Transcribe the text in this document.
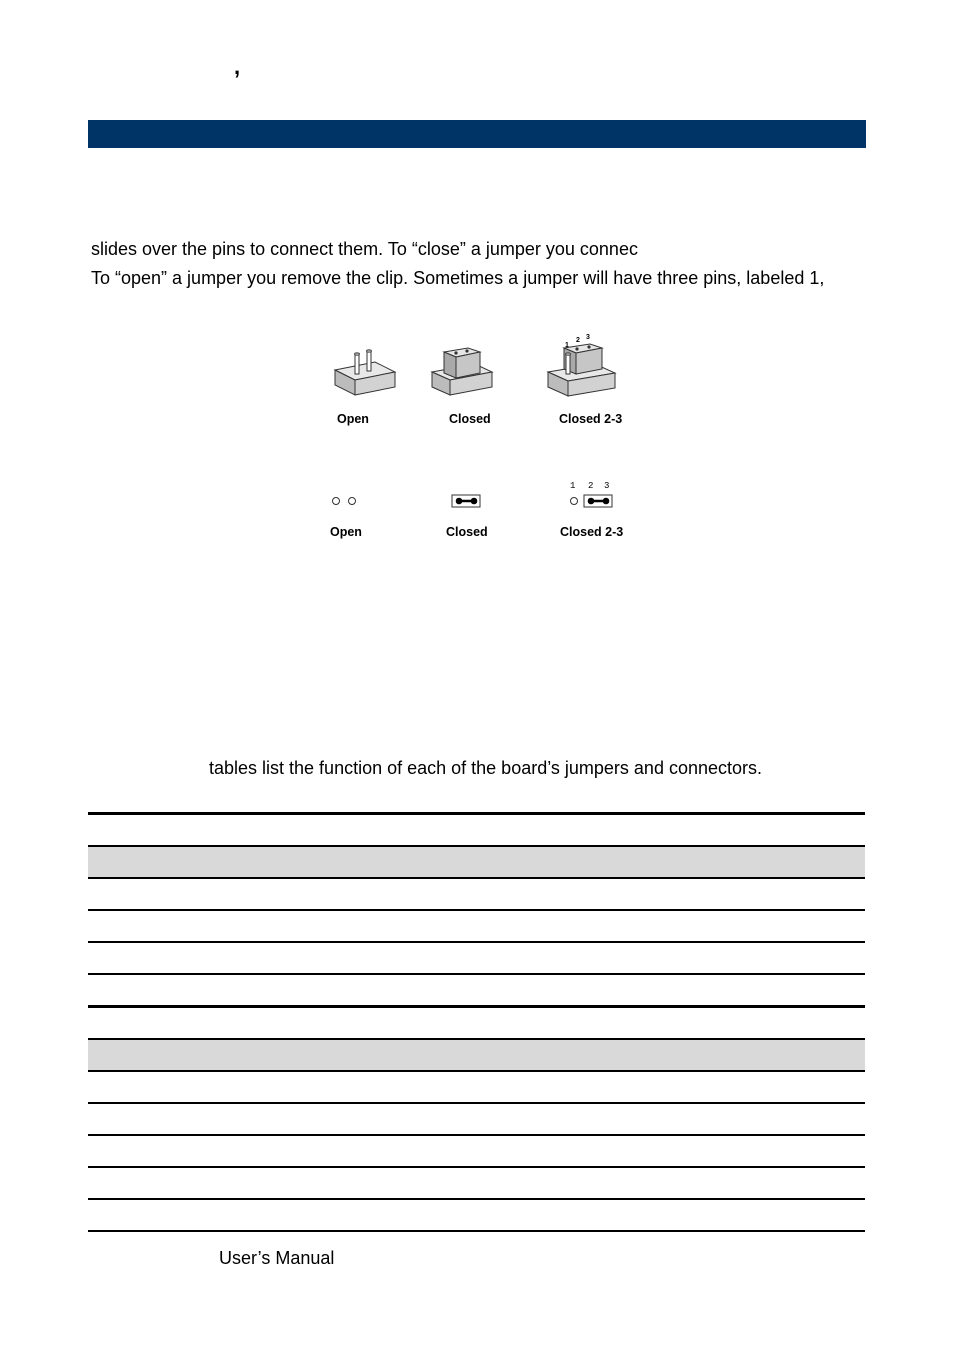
,
slides over the pins to connect them. To “close” a jumper you connec
To “open” a jumper you remove the clip. Sometimes a jumper will have three pins, labeled 1,
1
2 3
1 2 3
Open	Closed	Closed 2-3
Open	Closed	Closed 2-3
tables list the function of each of the board’s jumpers and connectors.
User’s Manual
